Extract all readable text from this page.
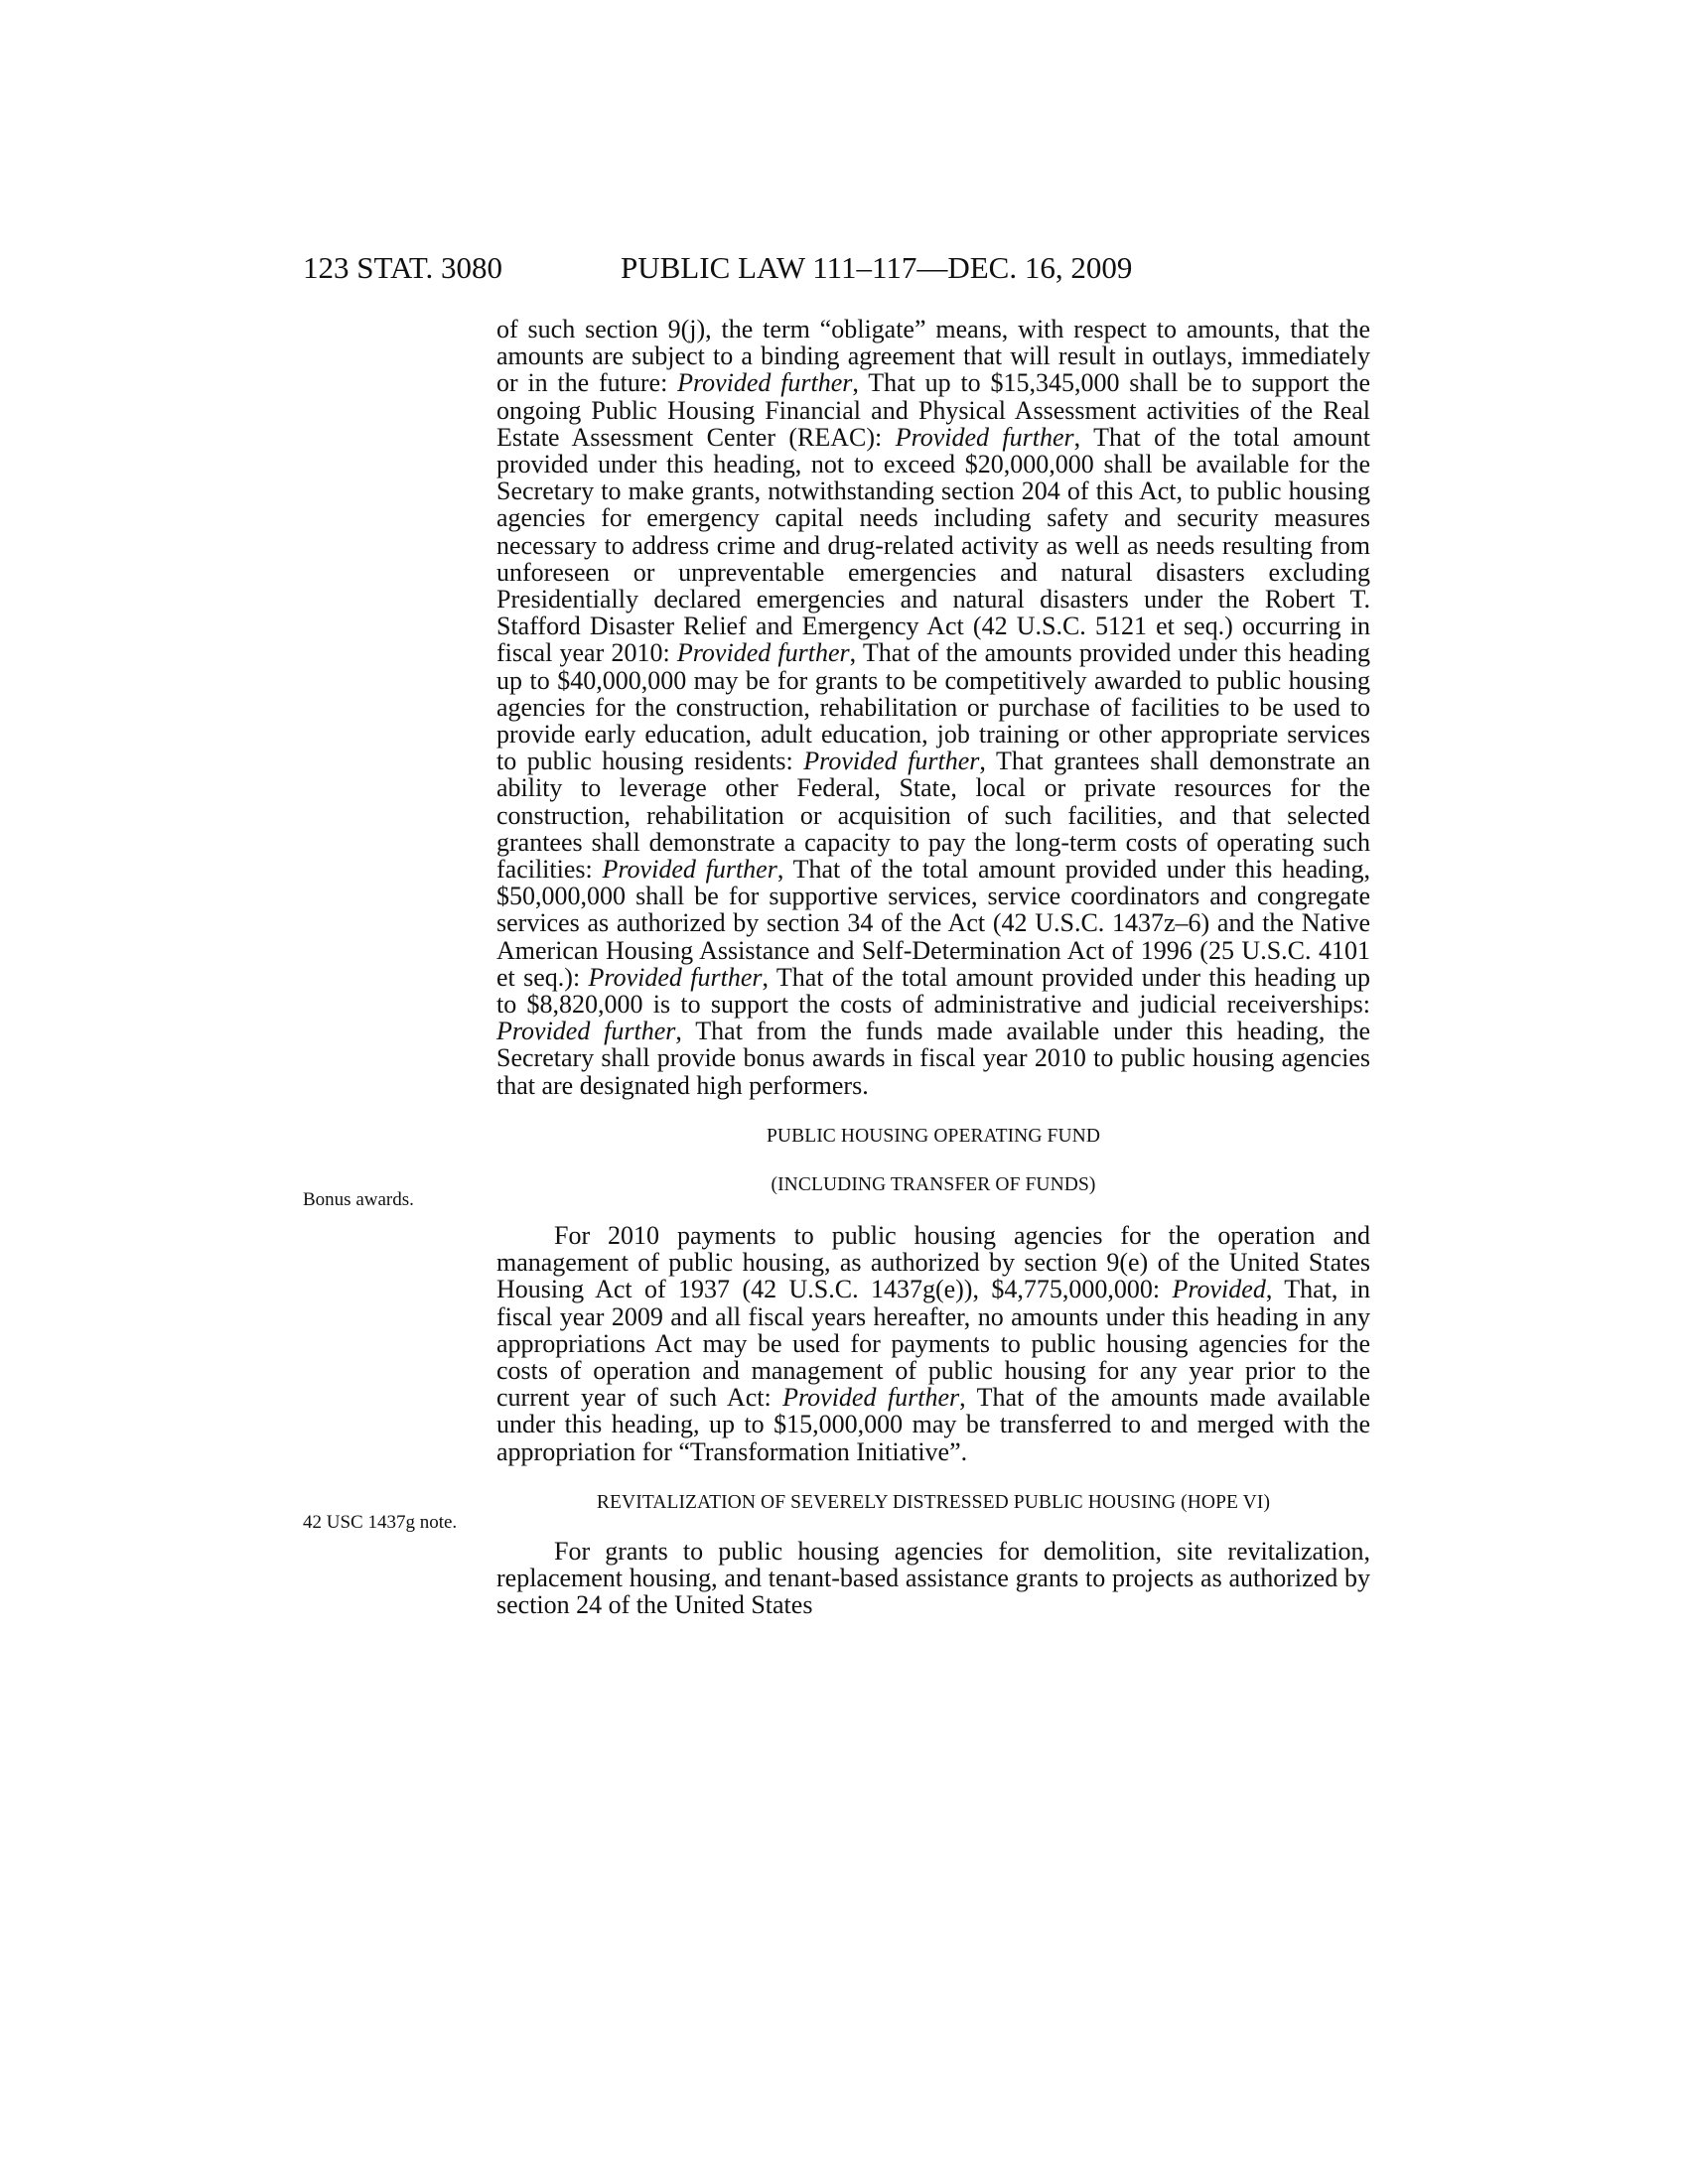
123 STAT. 3080	PUBLIC LAW 111–117—DEC. 16, 2009
Bonus awards.
42 USC 1437g note.

of such section 9(j), the term “obligate” means, with respect to amounts, that the amounts are subject to a binding agreement that will result in outlays, immediately or in the future: Provided further, That up to $15,345,000 shall be to support the ongoing Public Housing Financial and Physical Assessment activities of the Real Estate Assessment Center (REAC): Provided further, That of the total amount provided under this heading, not to exceed $20,000,000 shall be available for the Secretary to make grants, notwithstanding section 204 of this Act, to public housing agencies for emergency capital needs including safety and security measures necessary to address crime and drug-related activity as well as needs resulting from unforeseen or unpreventable emergencies and natural disasters excluding Presidentially declared emergencies and natural disasters under the Robert T. Stafford Disaster Relief and Emergency Act (42 U.S.C. 5121 et seq.) occurring in fiscal year 2010: Provided further, That of the amounts provided under this heading up to $40,000,000 may be for grants to be competitively awarded to public housing agencies for the construction, rehabilitation or purchase of facilities to be used to provide early education, adult education, job training or other appropriate services to public housing residents: Provided further, That grantees shall demonstrate an ability to leverage other Federal, State, local or private resources for the construction, rehabilitation or acquisition of such facilities, and that selected grantees shall demonstrate a capacity to pay the long-term costs of operating such facilities: Provided further, That of the total amount provided under this heading, $50,000,000 shall be for supportive services, service coordinators and congregate services as authorized by section 34 of the Act (42 U.S.C. 1437z–6) and the Native American Housing Assistance and Self-Determination Act of 1996 (25 U.S.C. 4101 et seq.): Provided further, That of the total amount provided under this heading up to $8,820,000 is to support the costs of administrative and judicial receiverships: Provided further, That from the funds made available under this heading, the Secretary shall provide bonus awards in fiscal year 2010 to public housing agencies that are designated high performers.

PUBLIC HOUSING OPERATING FUND

(INCLUDING TRANSFER OF FUNDS)

For 2010 payments to public housing agencies for the operation and management of public housing, as authorized by section 9(e) of the United States Housing Act of 1937 (42 U.S.C. 1437g(e)), $4,775,000,000: Provided, That, in fiscal year 2009 and all fiscal years hereafter, no amounts under this heading in any appropriations Act may be used for payments to public housing agencies for the costs of operation and management of public housing for any year prior to the current year of such Act: Provided further, That of the amounts made available under this heading, up to $15,000,000 may be transferred to and merged with the appropriation for “Transformation Initiative”.

REVITALIZATION OF SEVERELY DISTRESSED PUBLIC HOUSING (HOPE VI)

For grants to public housing agencies for demolition, site revitalization, replacement housing, and tenant-based assistance grants to projects as authorized by section 24 of the United States
